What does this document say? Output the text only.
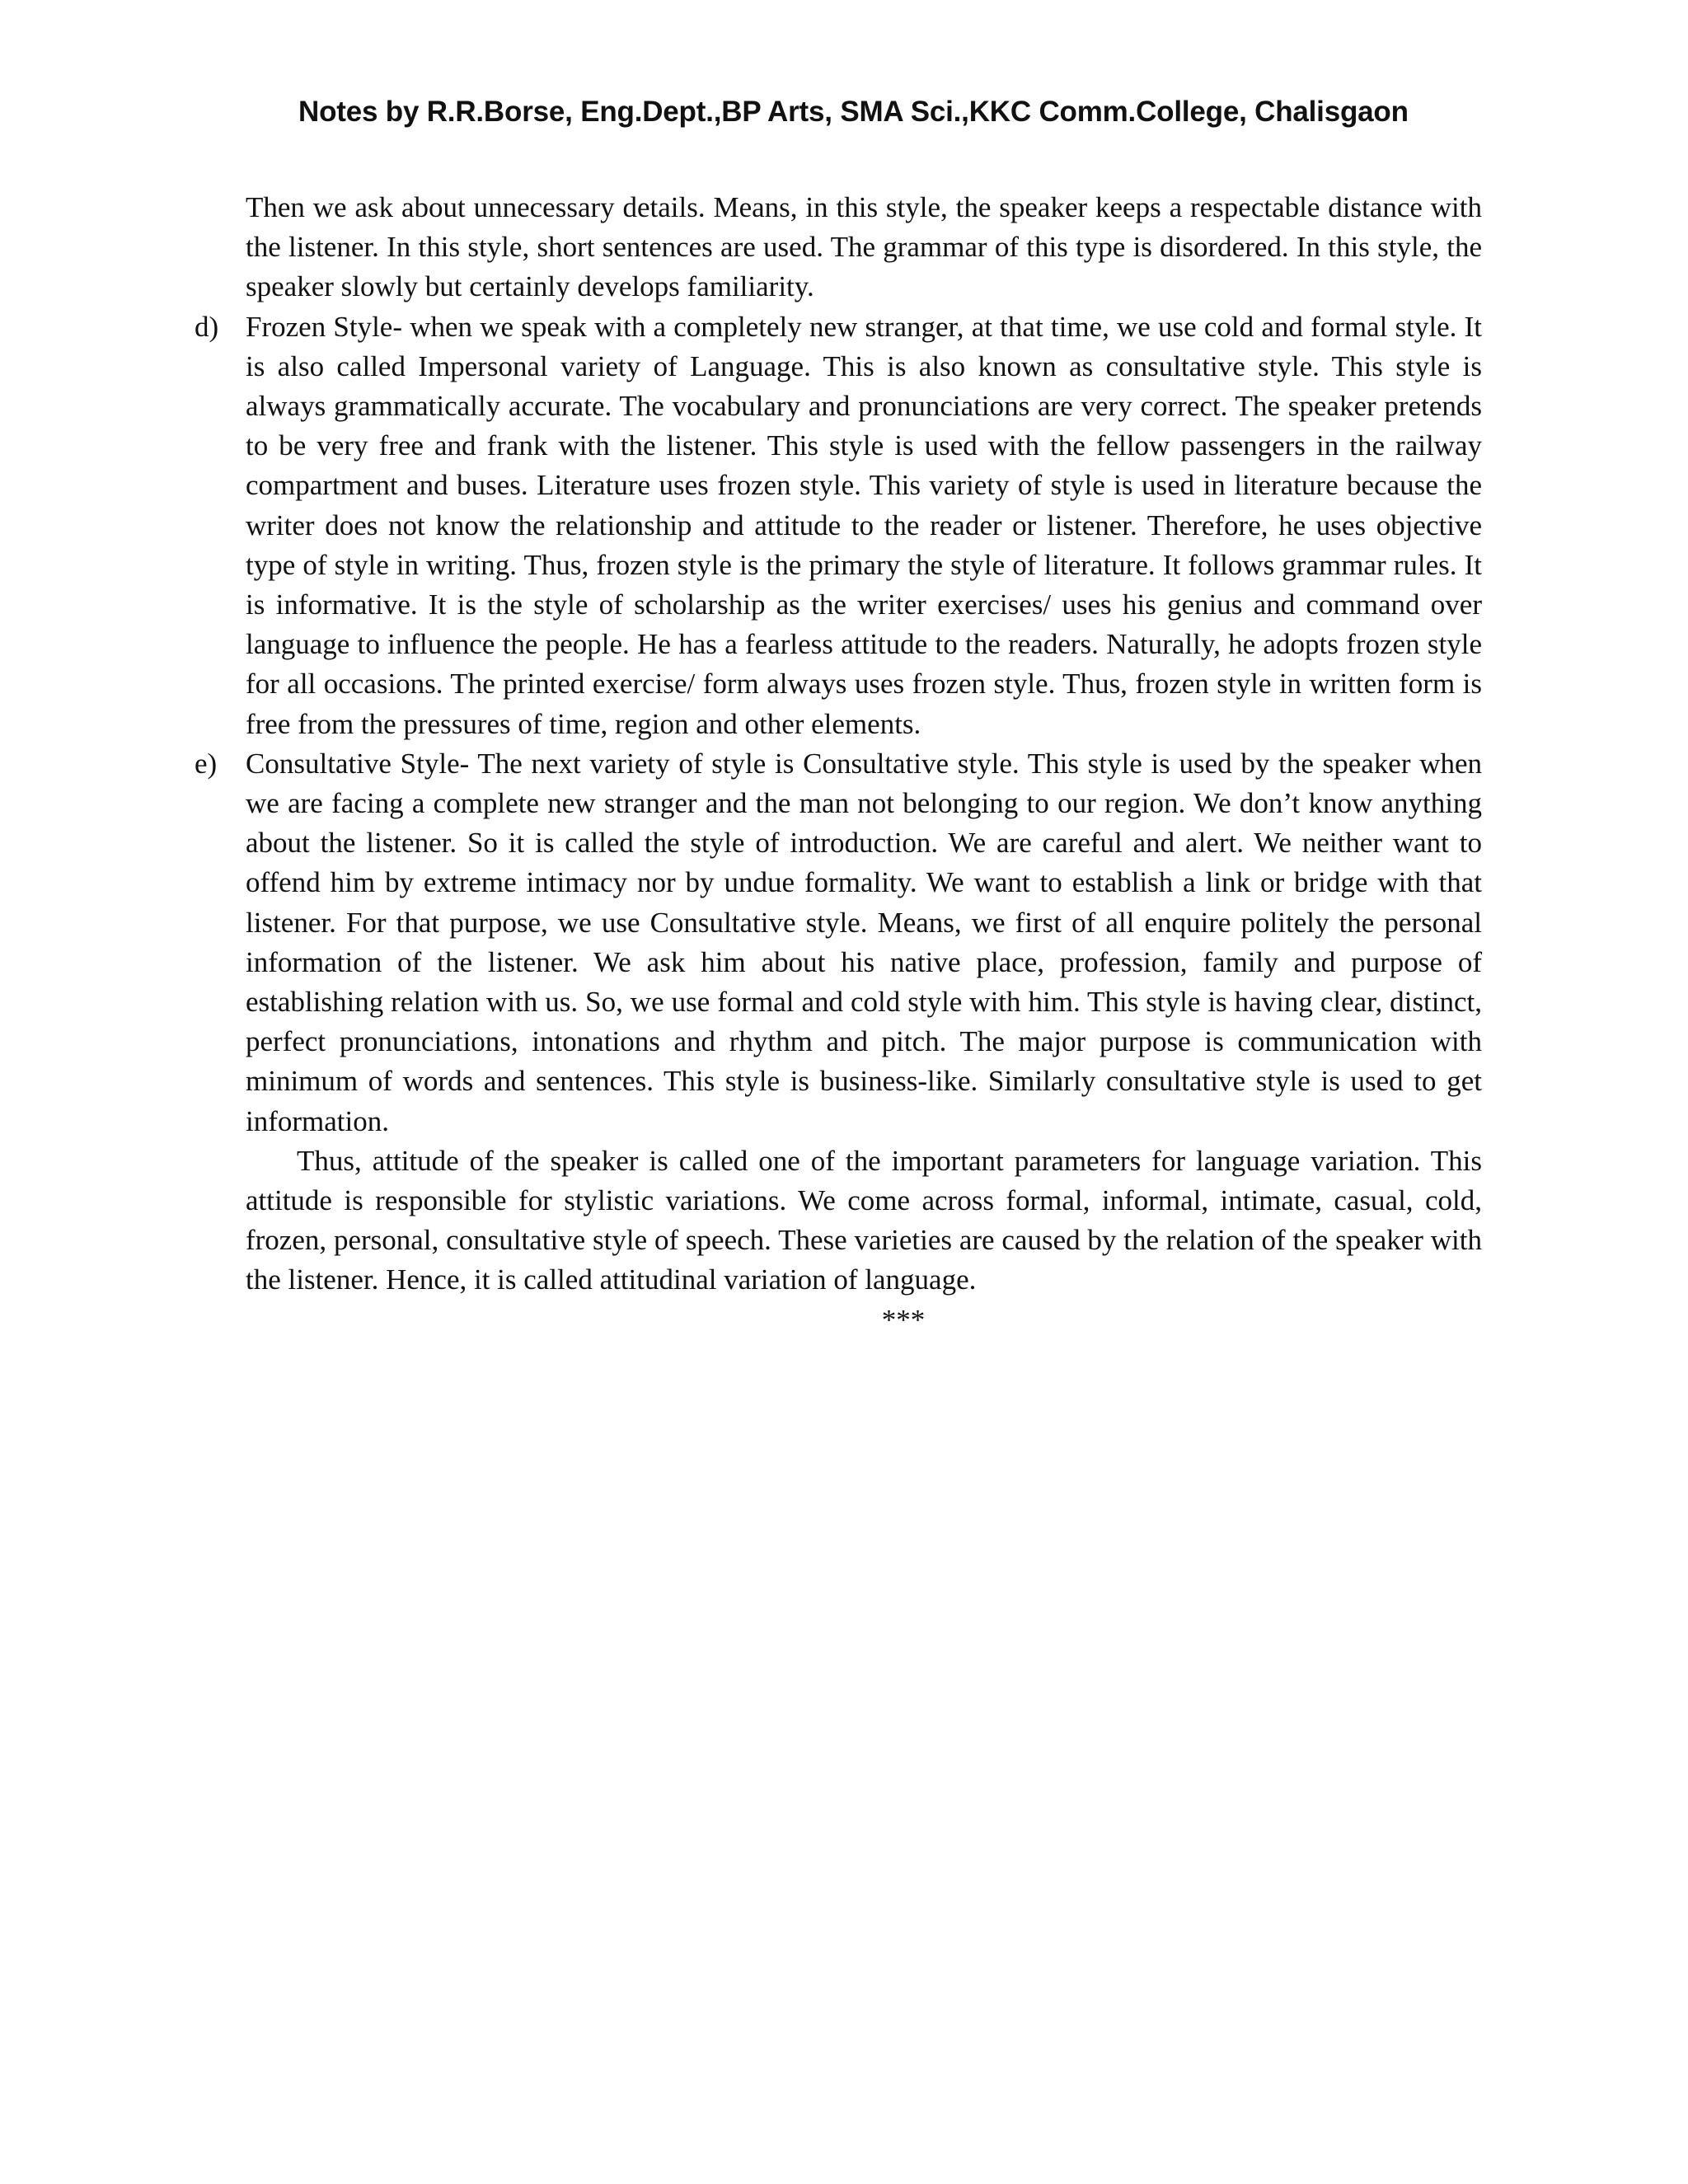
Notes by R.R.Borse, Eng.Dept.,BP Arts, SMA Sci.,KKC Comm.College, Chalisgaon

Then we ask about unnecessary details. Means, in this style, the speaker keeps a respectable distance with the listener. In this style, short sentences are used. The grammar of this type is disordered. In this style, the speaker slowly but certainly develops familiarity.

d) Frozen Style- when we speak with a completely new stranger, at that time, we use cold and formal style. It is also called Impersonal variety of Language. This is also known as consultative style. This style is always grammatically accurate. The vocabulary and pronunciations are very correct. The speaker pretends to be very free and frank with the listener. This style is used with the fellow passengers in the railway compartment and buses. Literature uses frozen style. This variety of style is used in literature because the writer does not know the relationship and attitude to the reader or listener. Therefore, he uses objective type of style in writing. Thus, frozen style is the primary the style of literature. It follows grammar rules. It is informative. It is the style of scholarship as the writer exercises/ uses his genius and command over language to influence the people. He has a fearless attitude to the readers. Naturally, he adopts frozen style for all occasions. The printed exercise/ form always uses frozen style. Thus, frozen style in written form is free from the pressures of time, region and other elements.

e) Consultative Style- The next variety of style is Consultative style. This style is used by the speaker when we are facing a complete new stranger and the man not belonging to our region. We don’t know anything about the listener. So it is called the style of introduction. We are careful and alert. We neither want to offend him by extreme intimacy nor by undue formality. We want to establish a link or bridge with that listener. For that purpose, we use Consultative style. Means, we first of all enquire politely the personal information of the listener. We ask him about his native place, profession, family and purpose of establishing relation with us. So, we use formal and cold style with him. This style is having clear, distinct, perfect pronunciations, intonations and rhythm and pitch. The major purpose is communication with minimum of words and sentences. This style is business-like. Similarly consultative style is used to get information.

Thus, attitude of the speaker is called one of the important parameters for language variation. This attitude is responsible for stylistic variations. We come across formal, informal, intimate, casual, cold, frozen, personal, consultative style of speech. These varieties are caused by the relation of the speaker with the listener. Hence, it is called attitudinal variation of language.

***
